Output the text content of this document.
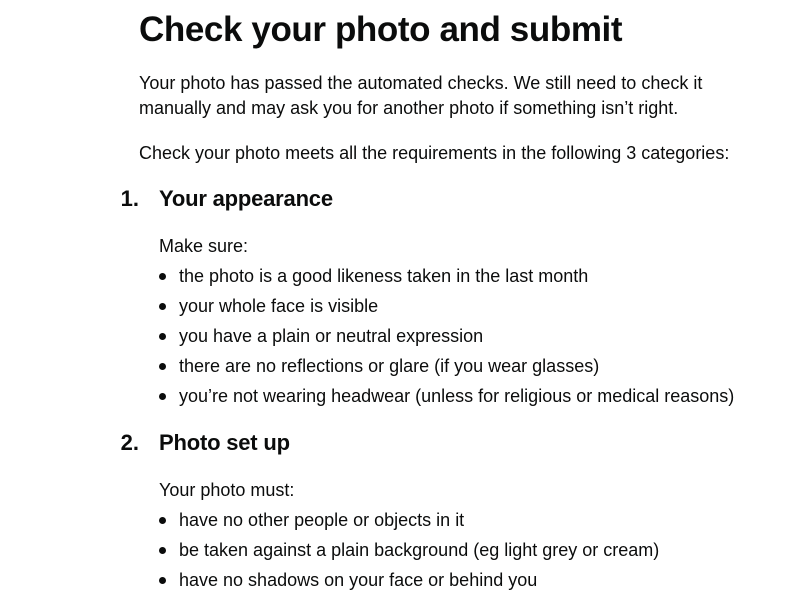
Check your photo and submit

Your photo has passed the automated checks. We still need to check it manually and may ask you for another photo if something isn’t right.

Check your photo meets all the requirements in the following 3 categories:

1. Your appearance

Make sure:

the photo is a good likeness taken in the last month
your whole face is visible
you have a plain or neutral expression
there are no reflections or glare (if you wear glasses)
you’re not wearing headwear (unless for religious or medical reasons)
2. Photo set up

Your photo must:

have no other people or objects in it
be taken against a plain background (eg light grey or cream)
have no shadows on your face or behind you
